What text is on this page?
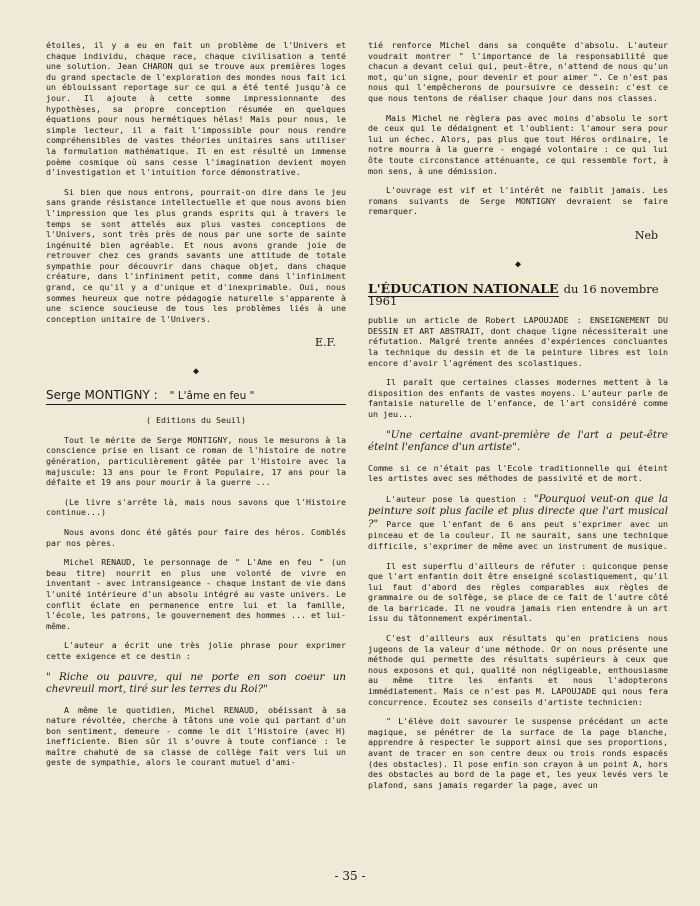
étoiles, il y a eu en fait un problème de l'Univers et chaque individu, chaque race, chaque civilisation a tenté une solution. Jean CHARON qui se trouve aux premières loges du grand spectacle de l'exploration des mondes nous fait ici un éblouissant reportage sur ce qui a été tenté jusqu'à ce jour. Il ajoute à cette somme impressionnante des hypothèses, sa propre conception résumée en quelques équations pour nous hermétiques hélas! Mais pour nous, le simple lecteur, il a fait l'impossible pour nous rendre compréhensibles de vastes théories unitaires sans utiliser la formulation mathématique. Il en est résulté un immense poème cosmique où sans cesse l'imagination devient moyen d'investigation et l'intuition force démonstrative.

Si bien que nous entrons, pourrait-on dire dans le jeu sans grande résistance intellectuelle et que nous avons bien l'impression que les plus grands esprits qui à travers le temps se sont attelés aux plus vastes conceptions de l'Univers, sont très près de nous par une sorte de sainte ingénuité bien agréable. Et nous avons grande joie de retrouver chez ces grands savants une attitude de totale sympathie pour découvrir dans chaque objet, dans chaque créature, dans l'infiniment petit, comme dans l'infiniment grand, ce qu'il y a d'unique et d'inexprimable. Oui, nous sommes heureux que notre pédagogie naturelle s'apparente à une science soucieuse de tous les problèmes liés à une conception unitaire de l'Univers.

E.F.
◆
Serge MONTIGNY : " L'âme en feu "

( Editions du Seuil)

Tout le mérite de Serge MONTIGNY, nous le mesurons à la conscience prise en lisant ce roman de l'histoire de notre génération, particulièrement gâtée par l'Histoire avec la majuscule: 13 ans pour le Front Populaire, 17 ans pour la défaite et 19 ans pour mourir à la guerre ...

(Le livre s'arrête là, mais nous savons que l'Histoire continue...)

Nous avons donc été gâtés pour faire des héros. Comblés par nos pères.

Michel RENAUD, le personnage de " L'Ame en feu " (un beau titre) nourrit en plus une volonté de vivre en inventant - avec intransigeance - chaque instant de vie dans l'unité intérieure d'un absolu intégré au vaste univers. Le conflit éclate en permanence entre lui et la famille, l'école, les patrons, le gouvernement des hommes ... et lui-même.

L'auteur a écrit une très jolie phrase pour exprimer cette exigence et ce destin :

" Riche ou pauvre, qui ne porte en son coeur un chevreuil mort, tiré sur les terres du Roi?"

A même le quotidien, Michel RENAUD, obéissant à sa nature révoltée, cherche à tâtons une voie qui partant d'un bon sentiment, demeure - comme le dit l'Histoire (avec H) inefficiente. Bien sûr il s'ouvre à toute confiance : le maître chahuté de sa classe de collège fait vers lui un geste de sympathie, alors le courant mutuel d'ami-

tié renforce Michel dans sa conquête d'absolu. L'auteur voudrait montrer " l'importance de la responsabilité que chacun a devant celui qui, peut-être, n'attend de nous qu'un mot, qu'un signe, pour devenir et pour aimer ". Ce n'est pas nous qui l'empêcherons de poursuivre ce dessein: c'est ce que nous tentons de réaliser chaque jour dans nos classes.

Mais Michel ne règlera pas avec moins d'absolu le sort de ceux qui le dédaignent et l'oublient: l'amour sera pour lui un échec. Alors, pas plus que tout Héros ordinaire, le notre mourra à la guerre - engagé volontaire : ce qui lui ôte toute circonstance atténuante, ce qui ressemble fort, à mon sens, à une démission.

L'ouvrage est vif et l'intérêt ne faiblit jamais. Les romans suivants de Serge MONTIGNY devraient se faire remarquer.

Neb
◆
L'ÉDUCATION NATIONALE du 16 novembre 1961

publie un article de Robert LAPOUJADE : ENSEIGNEMENT DU DESSIN ET ART ABSTRAIT, dont chaque ligne nécessiterait une réfutation. Malgré trente années d'expériences concluantes la technique du dessin et de la peinture libres est loin encore d'avoir l'agrément des scolastiques.

Il paraît que certaines classes modernes mettent à la disposition des enfants de vastes moyens. L'auteur parle de fantaisie naturelle de l'enfance, de l'art considéré comme un jeu...

"Une certaine avant-première de l'art a peut-être éteint l'enfance d'un artiste".

Comme si ce n'était pas l'Ecole traditionnelle qui éteint les artistes avec ses méthodes de passivité et de mort.

L'auteur pose la question : "Pourquoi veut-on que la peinture soit plus facile et plus directe que l'art musical ?" Parce que l'enfant de 6 ans peut s'exprimer avec un pinceau et de la couleur. Il ne saurait, sans une technique difficile, s'exprimer de même avec un instrument de musique.

Il est superflu d'ailleurs de réfuter : quiconque pense que l'art enfantin doit être enseigné scolastiquement, qu'il lui faut d'abord des règles comparables aux règles de grammaire ou de solfège, se place de ce fait de l'autre côté de la barricade. Il ne voudra jamais rien entendre à un art issu du tâtonnement expérimental.

C'est d'ailleurs aux résultats qu'en praticiens nous jugeons de la valeur d'une méthode. Or on nous présente une méthode qui permette des résultats supérieurs à ceux que nous exposons et qui, qualité non négligeable, enthousiasme au même titre les enfants et nous l'adopterons immédiatement. Mais ce n'est pas M. LAPOUJADE qui nous fera concurrence. Ecoutez ses conseils d'artiste technicien:

" L'élève doit savourer le suspense précédant un acte magique, se pénétrer de la surface de la page blanche, apprendre à respecter le support ainsi que ses proportions, avant de tracer en son centre deux ou trois ronds espacés (des obstacles). Il pose enfin son crayon à un point A, hors des obstacles au bord de la page et, les yeux levés vers le plafond, sans jamais regarder la page, avec un

- 35 -
